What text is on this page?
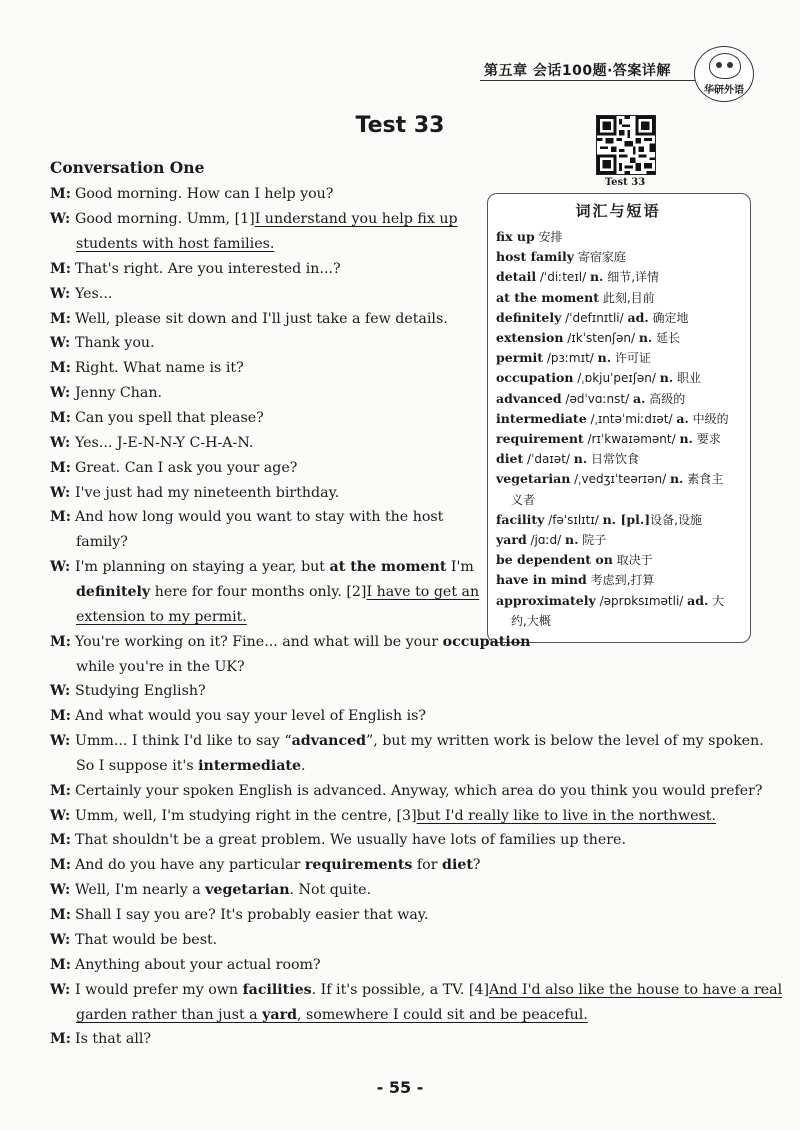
第五章 会话100题·答案详解
华研外语
Test 33
Test 33
Conversation One
词汇与短语
fix up 安排
host family 寄宿家庭
detail /ˈdiːteɪl/ n. 细节,详情
at the moment 此刻,目前
definitely /ˈdefɪnɪtli/ ad. 确定地
extension /ɪkˈstenʃən/ n. 延长
permit /pɜːmɪt/ n. 许可证
occupation /ˌɒkjuˈpeɪʃən/ n. 职业
advanced /ədˈvɑːnst/ a. 高级的
intermediate /ˌɪntəˈmiːdɪət/ a. 中级的
requirement /rɪˈkwaɪəmənt/ n. 要求
diet /ˈdaɪət/ n. 日常饮食
vegetarian /ˌvedʒɪˈteərɪən/ n. 素食主
义者
facility /fəˈsɪlɪtɪ/ n. [pl.]设备,设施
yard /jɑːd/ n. 院子
be dependent on 取决于
have in mind 考虑到,打算
approximately /əprɒksɪmətli/ ad. 大
约,大概
M: Good morning. How can I help you?
W: Good morning. Umm, [1]I understand you help fix up
students with host families.
M: That's right. Are you interested in...?
W: Yes...
M: Well, please sit down and I'll just take a few details.
W: Thank you.
M: Right. What name is it?
W: Jenny Chan.
M: Can you spell that please?
W: Yes... J-E-N-N-Y C-H-A-N.
M: Great. Can I ask you your age?
W: I've just had my nineteenth birthday.
M: And how long would you want to stay with the host
family?
W: I'm planning on staying a year, but at the moment I'm
definitely here for four months only. [2]I have to get an
extension to my permit.
M: You're working on it? Fine... and what will be your occupation
while you're in the UK?
W: Studying English?
M: And what would you say your level of English is?
W: Umm... I think I'd like to say “advanced”, but my written work is below the level of my spoken.
So I suppose it's intermediate.
M: Certainly your spoken English is advanced. Anyway, which area do you think you would prefer?
W: Umm, well, I'm studying right in the centre, [3]but I'd really like to live in the northwest.
M: That shouldn't be a great problem. We usually have lots of families up there.
M: And do you have any particular requirements for diet?
W: Well, I'm nearly a vegetarian. Not quite.
M: Shall I say you are? It's probably easier that way.
W: That would be best.
M: Anything about your actual room?
W: I would prefer my own facilities. If it's possible, a TV. [4]And I'd also like the house to have a real
garden rather than just a yard, somewhere I could sit and be peaceful.
M: Is that all?
- 55 -
